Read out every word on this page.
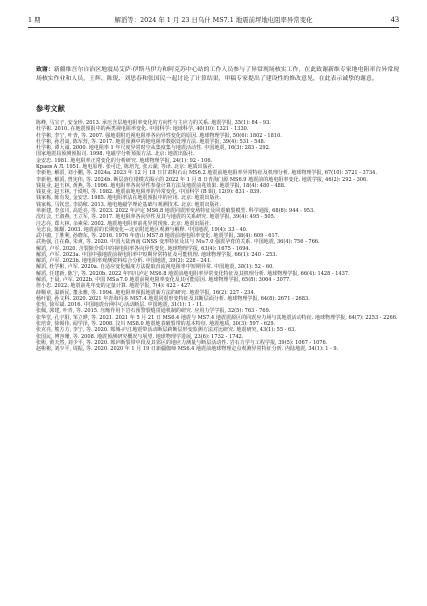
1 期	解滔等：2024 年 1 月 23 日乌什 MS7.1 地震前坪地电阻率异常变化	43
致谢：新疆维吾尔自治区地震局艾萨·伊斯马伊力和阿克苏中心站的工作人员参与了异常现场核实工作，在此致谢新维专家地电阻率台异常现场核实作业和人员，王辉、陈锐、刘思春和张国民一起讨论了计算结果，审稿专家提出了建设性的修改意见，在此表示诚挚的谢意。
参考文献
陈峰, 马宝子, 安金珍. 2013. 承压含层地电阻率变化的方向性与主应力的关系. 地震学报, 35(1): 84 - 93.
杜学彬. 2010. 在地震预报中的两类视电阻率变化. 中国科学: 地球科学, 40(10): 1321 - 1330.
杜学彬, 李宁, 叶青, 等. 2007. 强地震附近视电阻率各向异性变化的原因. 地球物理学报, 50(6): 1802 - 1810.
杜学彬, 孙君嵩, 陈军营, 等. 2017. 地震预测中的地电阻率数据处理方法. 地震学报, 39(4): 531 - 548.
杜学彬, 谭大诚. 2000. 地电阻率 1 年尺度异常时空从集度集与地震活动性. 中国地震, 16(3): 283 - 292.
国家地震局预测预报司. 1998. 电磁学分析预报方法. 北京: 地震出版社.
金安忠. 1981. 地电阻率正常变化的分析研究. 地球物理学报, 24(1): 92 - 106.
Крaев A Л. 1951. 地电原理. 张可迁, 陈培光, 张云湖, 等译. 北京: 地质出版社.
李新艳, 解滔, 刘小鹏, 等. 2024a. 2023 年 12 月 18 日甘肃积石山 MS6.2 地震前地电阻率异常特征及机理分析. 地球物理学报, 67(10): 3721 - 3734.
李新艳, 解滔, 曾宪伟, 等. 2024b. 断层溶位错模式揭示的 2022 年 1 月 8 日青海门源 MS6.9 地震前的地电阻率变化. 地震学报, 46(2): 292 - 306.
钱复业, 赵玉林, 黄燕, 等. 1996. 地电阻率各向异性参量计算方法及地震前兆效果. 地震学报, 18(4): 480 - 488.
钱复业, 赵玉林, 于谟明, 等. 1982. 地震前地电阻率的异常变化. 中国科学 (B 辑), 12(9): 831 - 839.
钱家栋, 陈有发, 金安忠. 1985. 地电阻率法在地震预报中的应用. 北京: 地震出版社.
钱家栋, 马钦忠, 李劭秾. 2013. 地电地磁学理论基础与观测技术. 北京: 地震出版社.
单新建, 李彦川, 高廷亮, 等. 2023. 2022 年泸定 MS6.8 地震同震形变场特征及同震破裂模型. 科学通报, 68(8): 944 - 953.
沈红会, 王淑燕, 王立军, 等. 2017. 地电阻率各向异性及其与地震的关系研究. 地震学报, 39(4): 495 - 505.
汪志亮, 郑大林, 余素荣. 2002. 地震地电阻率前兆异常现象. 北京: 地震出版社.
吴忠良, 陈顒. 2003. 地震前的长期变化—北京附近地区观测与解释. 中国地震, 19(4): 33 - 40.
武中庸, 丁胜利, 孙晓东, 等. 2016. 1976 年唐山 MS7.8 地震前地电阻率变化. 地震学报, 38(4): 609 - 617.
武艳强, 江在森, 朱爽, 等. 2020. 中国大陆西南 GNSS 变形特征及其与 M≥7.0 强震孕育的关系. 中国地震, 36(4): 756 - 766.
解滔, 卢军. 2020. 含裂隙介质中的视电阻率各向异性变化. 地球物理学报, 63(4): 1675 - 1694.
解滔, 卢军. 2023a. 中国中强地震前视电阻率中短期异常特征及可能机理. 地球物理学报, 66(1): 240 - 253.
解滔, 卢军. 2023b. 地电阻率观测资料综合分析. 中国地震, 39(2): 228 - 241.
解滔, 杜学彬, 卢军. 2020a. 自适应变化幅度方法提取直流视电阻率中短期异常. 中国地震, 38(1): 52 - 60.
解滔, 任建新, 陈宁, 等. 2020b. 2022 年四川泸定 MS6.8 地震前地电阻率异常变化特征及其机理分析. 地球物理学报, 66(4): 1428 - 1437.
解滔, 于晨, 卢军. 2022b. 中国 MS≥7.0 地震前视电阻率变化及其可能原因. 地球物理学报, 65(8): 3064 - 3077.
詹小忠. 2022. 地震前兆年变的定量计算. 地震学报, 7(4): 422 - 427.
薛顺章, 温新民, 董永雅, 等. 1994. 地电阻率预报地震新方法的研究. 地震学报, 16(2): 227 - 234.
杨叶银, 孙文科. 2020. 2021 年青海玛多 MS7.4 地震同震形变特征及其断层面分析. 地球物理学报, 64(8): 2671 - 2683.
张恒, 徐军斌. 2016. 中国地震台网中心活动断层. 中国地震, 31(1): 1 - 11.
张佩, 郭建, 叶青, 等. 2015. 压缩作用下岩石预警裂缝贯通机制的研究. 应用力学学报, 32(5): 763 - 769.
张华堂, 孔宇阳, 邹立晔, 等. 2021. 2021 年 5 月 21 日 MS6.4 地震与 MS7.4 地震震源区的同震应力场与其地震活动特征. 地球物理学报, 64(7): 2253 - 2266.
张培奇, 徐锡伟, 闻学泽, 等. 2008. 汶川 MS8.0 地震地表破裂带的基本特征. 地震地质, 30(3): 597 - 629.
张克亮, 熊方方, 李宁, 等. 2020. 郯城-庐江地震带活动断层跨断层形变监测方法对比研究. 地震研究, 43(1): 55 - 63.
张国民, 傅容珊, 等. 2008. 地震预测研究概况与展望. 地球物理学进展, 23(6): 1732 - 1742.
张彬, 黄天然, 刘少平, 等. 2020. 郯庐断裂带中段及其邻区的地应力测量与断层活动性. 岩石力学与工程学报, 39(5): 1067 - 1076.
赵彬彬, 刘少平, 周振, 等. 2020. 2020 年 1 月 19 日新疆伽师 MS6.4 地震前地球物理定点观测异常特征分析. 内陆地震, 34(1): 1 - 9.
